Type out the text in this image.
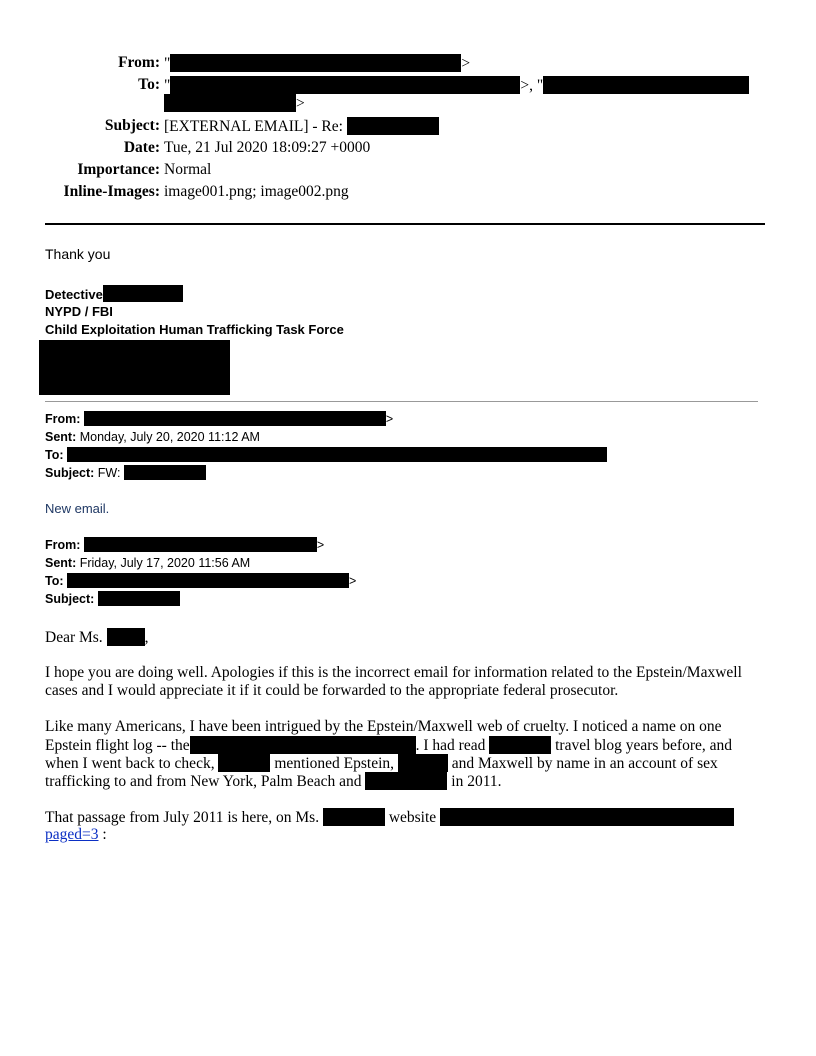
From: "	>
To: "	>, "
>
Subject: [EXTERNAL EMAIL] - Re:
Date: Tue, 21 Jul 2020 18:09:27 +0000
Importance: Normal
Inline-Images: image001.png; image002.png
Thank you
Detective
NYPD / FBI
Child Exploitation Human Trafficking Task Force
From:	>
Sent: Monday, July 20, 2020 11:12 AM
To:
Subject: FW:
New email.
From:	>
Sent: Friday, July 17, 2020 11:56 AM
To:	>
Subject:
Dear Ms.	,
I hope you are doing well. Apologies if this is the incorrect email for information related to the Epstein/Maxwell
cases and I would appreciate it if it could be forwarded to the appropriate federal prosecutor.
Like many Americans, I have been intrigued by the Epstein/Maxwell web of cruelty. I noticed a name on one
Epstein flight log -- the	. I had read	travel blog years before, and
when I went back to check,	mentioned Epstein,	and Maxwell by name in an account of sex
trafficking to and from New York, Palm Beach and	in 2011.
That passage from July 2011 is here, on Ms.	website
paged=3 :
